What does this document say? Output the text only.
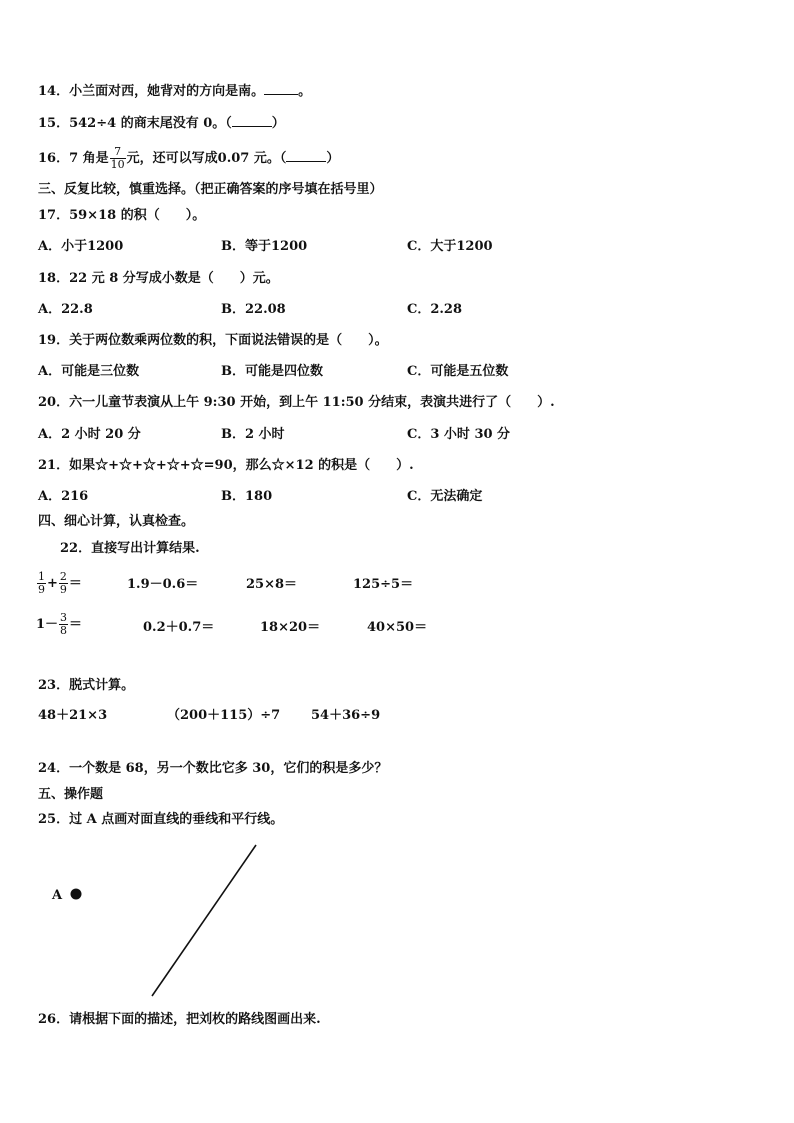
14．小兰面对西，她背对的方向是南。	。
15．542÷4 的商末尾没有 0。（	）
16．7 角是 $\frac{7}{10}$ 元，还可以写成0.07 元。（	）
三、反复比较，慎重选择。（把正确答案的序号填在括号里）
17．59×18 的积（　　）。
A．小于1200	B．等于1200	C．大于1200
18．22 元 8 分写成小数是（　　）元。
A．22.8	B．22.08	C．2.28
19．关于两位数乘两位数的积，下面说法错误的是（　　）。
A．可能是三位数	B．可能是四位数	C．可能是五位数
20．六一儿童节表演从上午 9:30 开始，到上午 11:50 分结束，表演共进行了（　　）.
A．2 小时 20 分	B．2 小时	C．3 小时 30 分
21．如果☆+☆+☆+☆+☆=90，那么☆×12 的积是（　　）.
A．216	B．180	C．无法确定
四、细心计算，认真检查。
22．直接写出计算结果.
$\frac{1}{9} + \frac{2}{9}$ ＝	1.9－0.6＝	25×8＝	125÷5＝
$1- \frac{3}{8}$ ＝	0.2＋0.7＝	18×20＝	40×50＝
23．脱式计算。
48＋21×3	（200＋115）÷7 54＋36÷9
24．一个数是 68，另一个数比它多 30，它们的积是多少？
五、操作题
25．过 A 点画对面直线的垂线和平行线。
A
26．请根据下面的描述，把刘枚的路线图画出来.
